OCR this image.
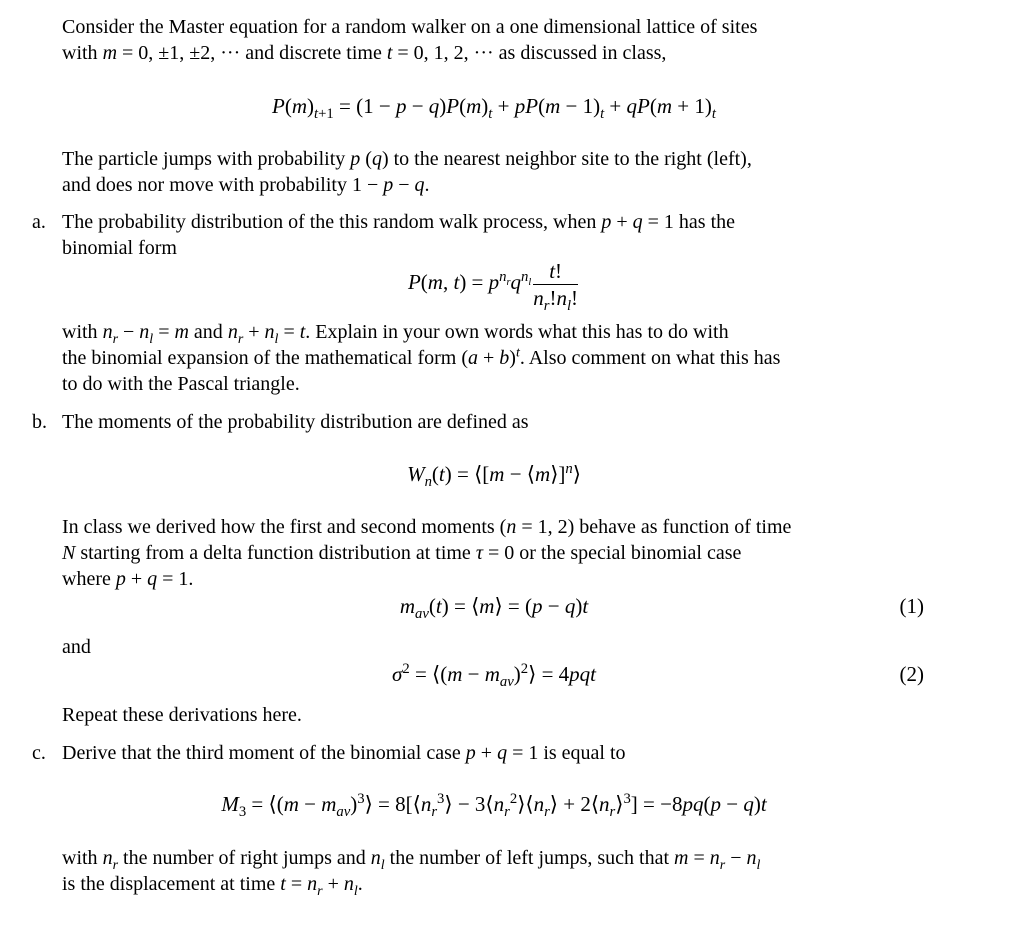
Consider the Master equation for a random walker on a one dimensional lattice of sites
with m = 0, ±1, ±2, ··· and discrete time t = 0, 1, 2, ··· as discussed in class,
$P(m)_{t+1} = (1 - p - q)P(m)_t + pP(m - 1)_t + qP(m + 1)_t$
The particle jumps with probability p (q) to the nearest neighbor site to the right (left),
and does nor move with probability 1 − p − q.
a. The probability distribution of the this random walk process, when p + q = 1 has the
binomial form
P(m, $t) = p^{n_r}q^{n_l} \frac{t!}{n_r!n_l!}$
with $n_r - n_l = m$ and $n_r + n_l = t$. Explain in your own words what this has to do with
the binomial expansion of the mathematical form $(a + b)^t$. Also comment on what this has
to do with the Pascal triangle.
b. The moments of the probability distribution are defined as
$W_n(t)$ = ⟨[m − ⟨m⟩]$^n$⟩
In class we derived how the first and second moments (n = 1, 2) behave as function of time
N starting from a delta function distribution at time τ = 0 or the special binomial case
where p + q = 1.
$m_{av}(t)$ = ⟨m⟩ = (p − q)t	(1)
and
$\sigma^2$ = ⟨(m − $m_{av})^2⟩ = 4pqt$	(2)
Repeat these derivations here.
c. Derive that the third moment of the binomial case p + q = 1 is equal to
$M_3$ = ⟨(m − $m_{av})^3⟩$ = $8[⟨n_r^3⟩$ − $3⟨n_r^2⟩⟨n_r⟩$ + $2⟨n_r⟩^3] = -8pq(p - q)t$
with $n_r$ the number of right jumps and $n_l$ the number of left jumps, such that $m = n_r - n_l$
is the displacement at time $t = n_r + n_l$.
